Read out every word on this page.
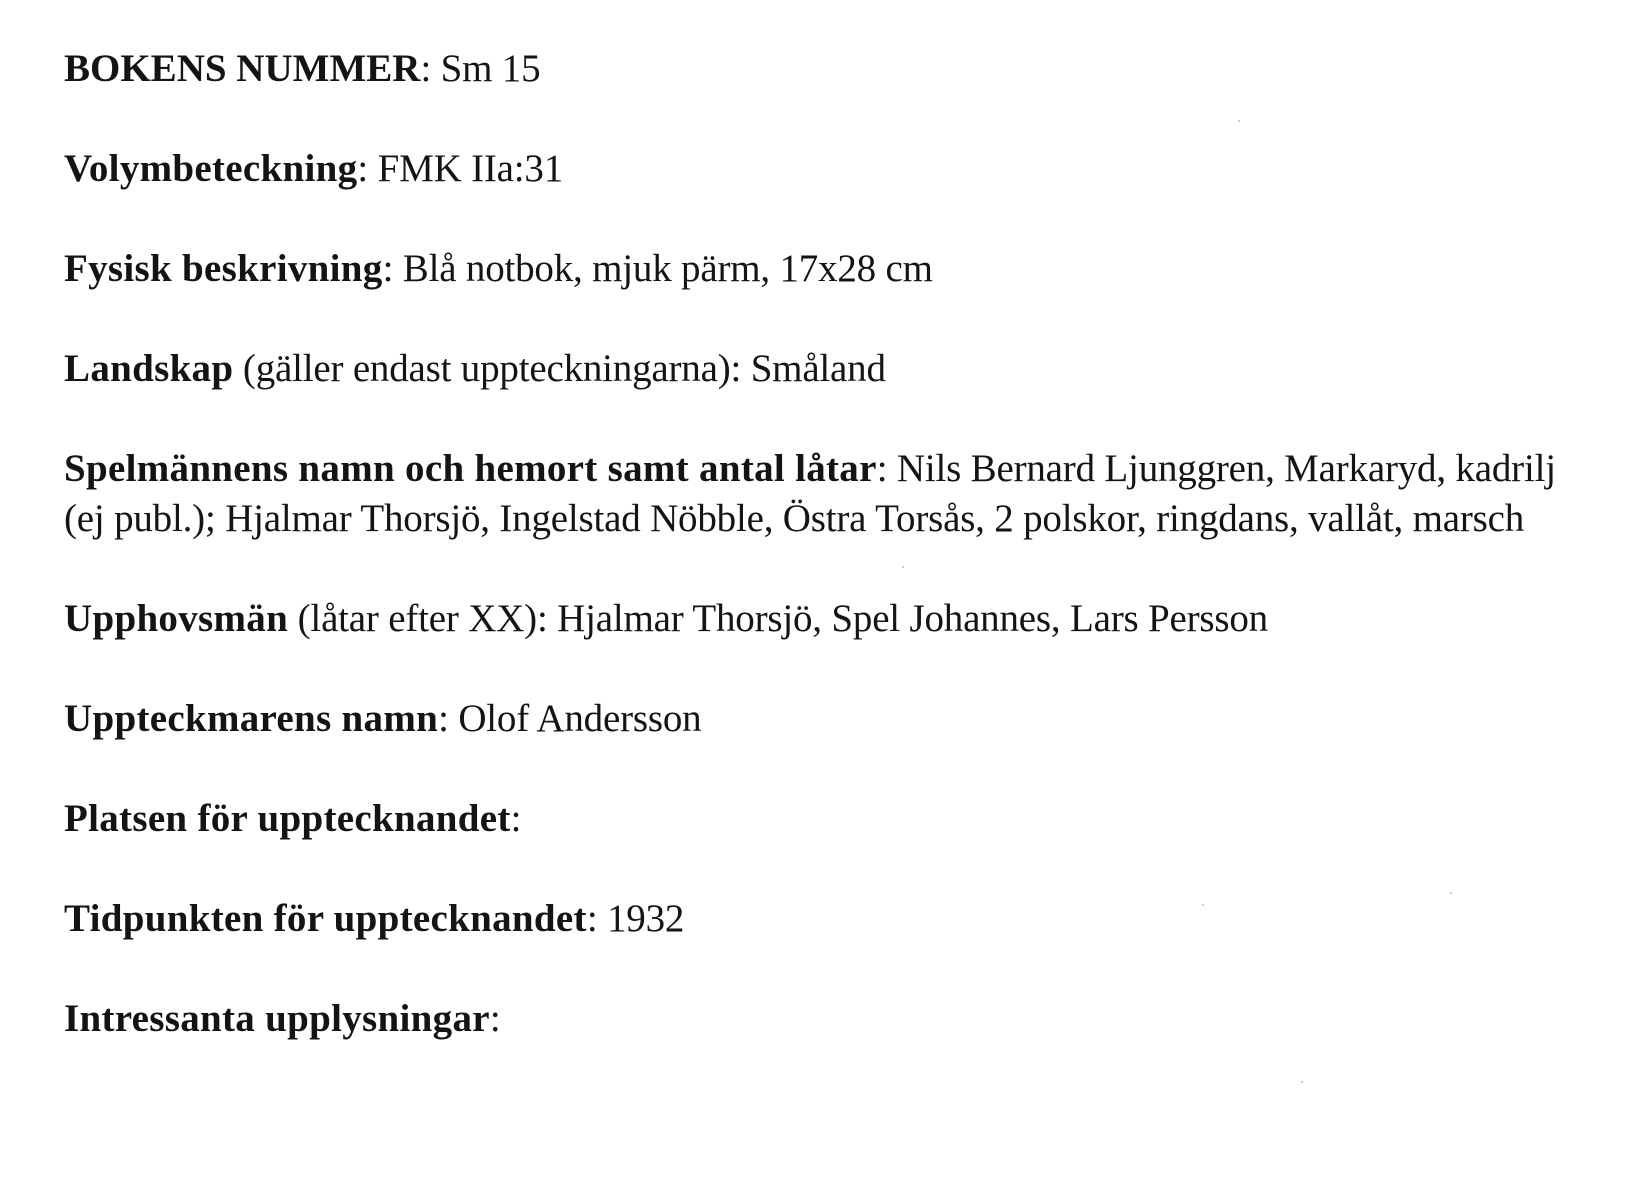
BOKENS NUMMER: Sm 15
Volymbeteckning: FMK IIa:31
Fysisk beskrivning: Blå notbok, mjuk pärm, 17x28 cm
Landskap (gäller endast uppteckningarna): Småland
Spelmännens namn och hemort samt antal låtar: Nils Bernard Ljunggren, Markaryd, kadrilj (ej publ.); Hjalmar Thorsjö, Ingelstad Nöbble, Östra Torsås, 2 polskor, ringdans, vallåt, marsch
Upphovsmän (låtar efter XX): Hjalmar Thorsjö, Spel Johannes, Lars Persson
Uppteckmarens namn: Olof Andersson
Platsen för upptecknandet:
Tidpunkten för upptecknandet: 1932
Intressanta upplysningar:
